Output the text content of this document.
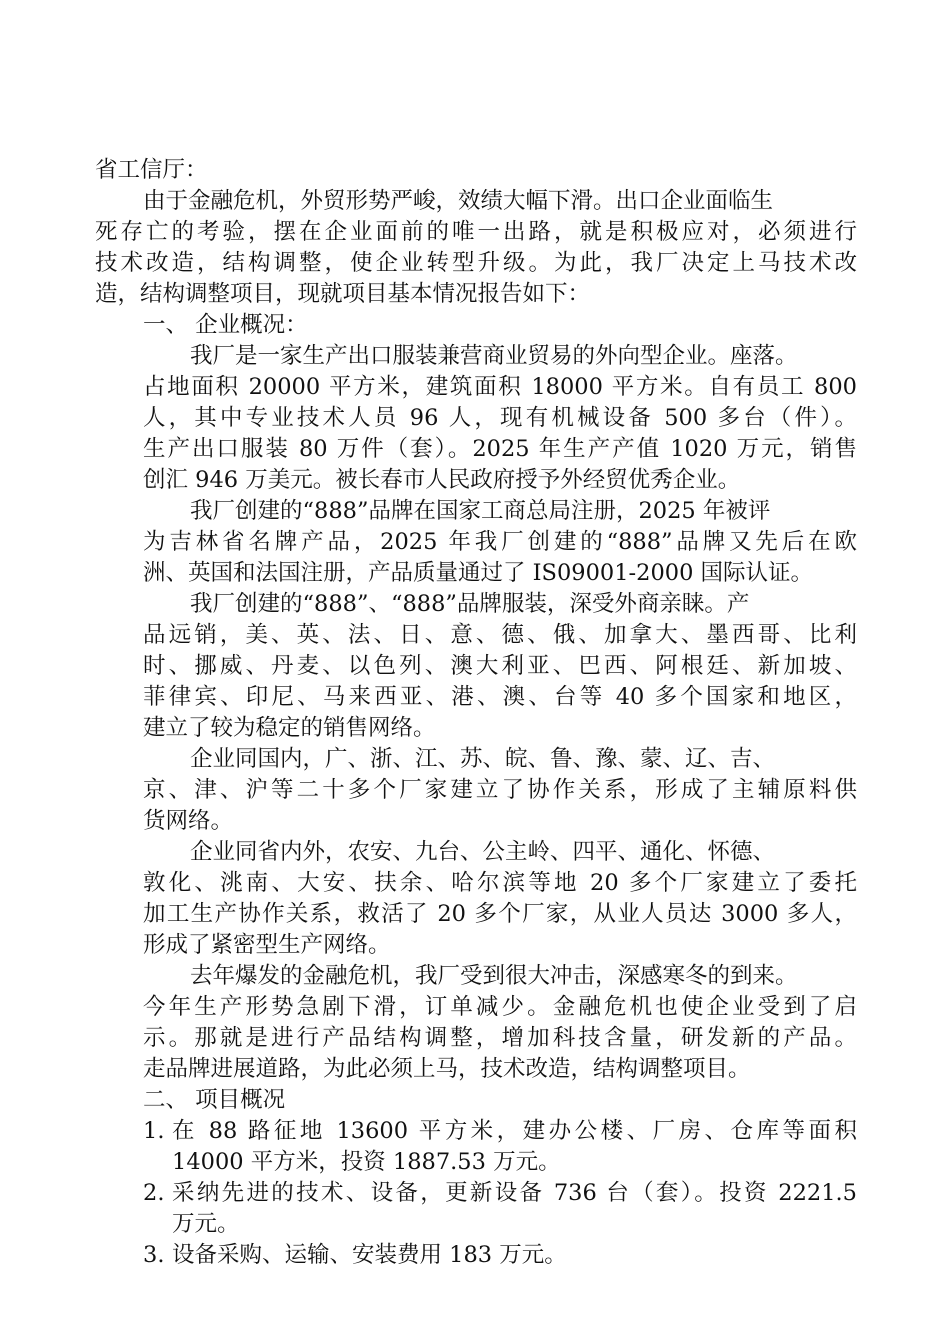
省工信厅：
由于金融危机，外贸形势严峻，效绩大幅下滑。出口企业面临生
死存亡的考验，摆在企业面前的唯一出路，就是积极应对，必须进行
技术改造，结构调整，使企业转型升级。为此，我厂决定上马技术改
造，结构调整项目，现就项目基本情况报告如下：
一、 企业概况：
我厂是一家生产出口服装兼营商业贸易的外向型企业。座落。
占地面积 20000 平方米，建筑面积 18000 平方米。自有员工 800
人，其中专业技术人员 96 人，现有机械设备 500 多台（件）。
生产出口服装 80 万件（套）。2025 年生产产值 1020 万元，销售
创汇 946 万美元。被长春市人民政府授予外经贸优秀企业。
我厂创建的“888”品牌在国家工商总局注册，2025 年被评
为吉林省名牌产品，2025 年我厂创建的“888”品牌又先后在欧
洲、英国和法国注册，产品质量通过了 IS09001-2000 国际认证。
我厂创建的“888”、“888”品牌服装，深受外商亲睐。产
品远销，美、英、法、日、意、德、俄、加拿大、墨西哥、比利
时、挪威、丹麦、以色列、澳大利亚、巴西、阿根廷、新加坡、
菲律宾、印尼、马来西亚、港、澳、台等 40 多个国家和地区，
建立了较为稳定的销售网络。
企业同国内，广、浙、江、苏、皖、鲁、豫、蒙、辽、吉、
京、津、沪等二十多个厂家建立了协作关系，形成了主辅原料供
货网络。
企业同省内外，农安、九台、公主岭、四平、通化、怀德、
敦化、洮南、大安、扶余、哈尔滨等地 20 多个厂家建立了委托
加工生产协作关系，救活了 20 多个厂家，从业人员达 3000 多人，
形成了紧密型生产网络。
去年爆发的金融危机，我厂受到很大冲击，深感寒冬的到来。
今年生产形势急剧下滑，订单减少。金融危机也使企业受到了启
示。那就是进行产品结构调整，增加科技含量，研发新的产品。
走品牌进展道路，为此必须上马，技术改造，结构调整项目。
二、 项目概况
1. 在 88 路征地 13600 平方米，建办公楼、厂房、仓库等面积
14000 平方米，投资 1887.53 万元。
2. 采纳先进的技术、设备，更新设备 736 台（套）。投资 2221.5
万元。
3. 设备采购、运输、安装费用 183 万元。
